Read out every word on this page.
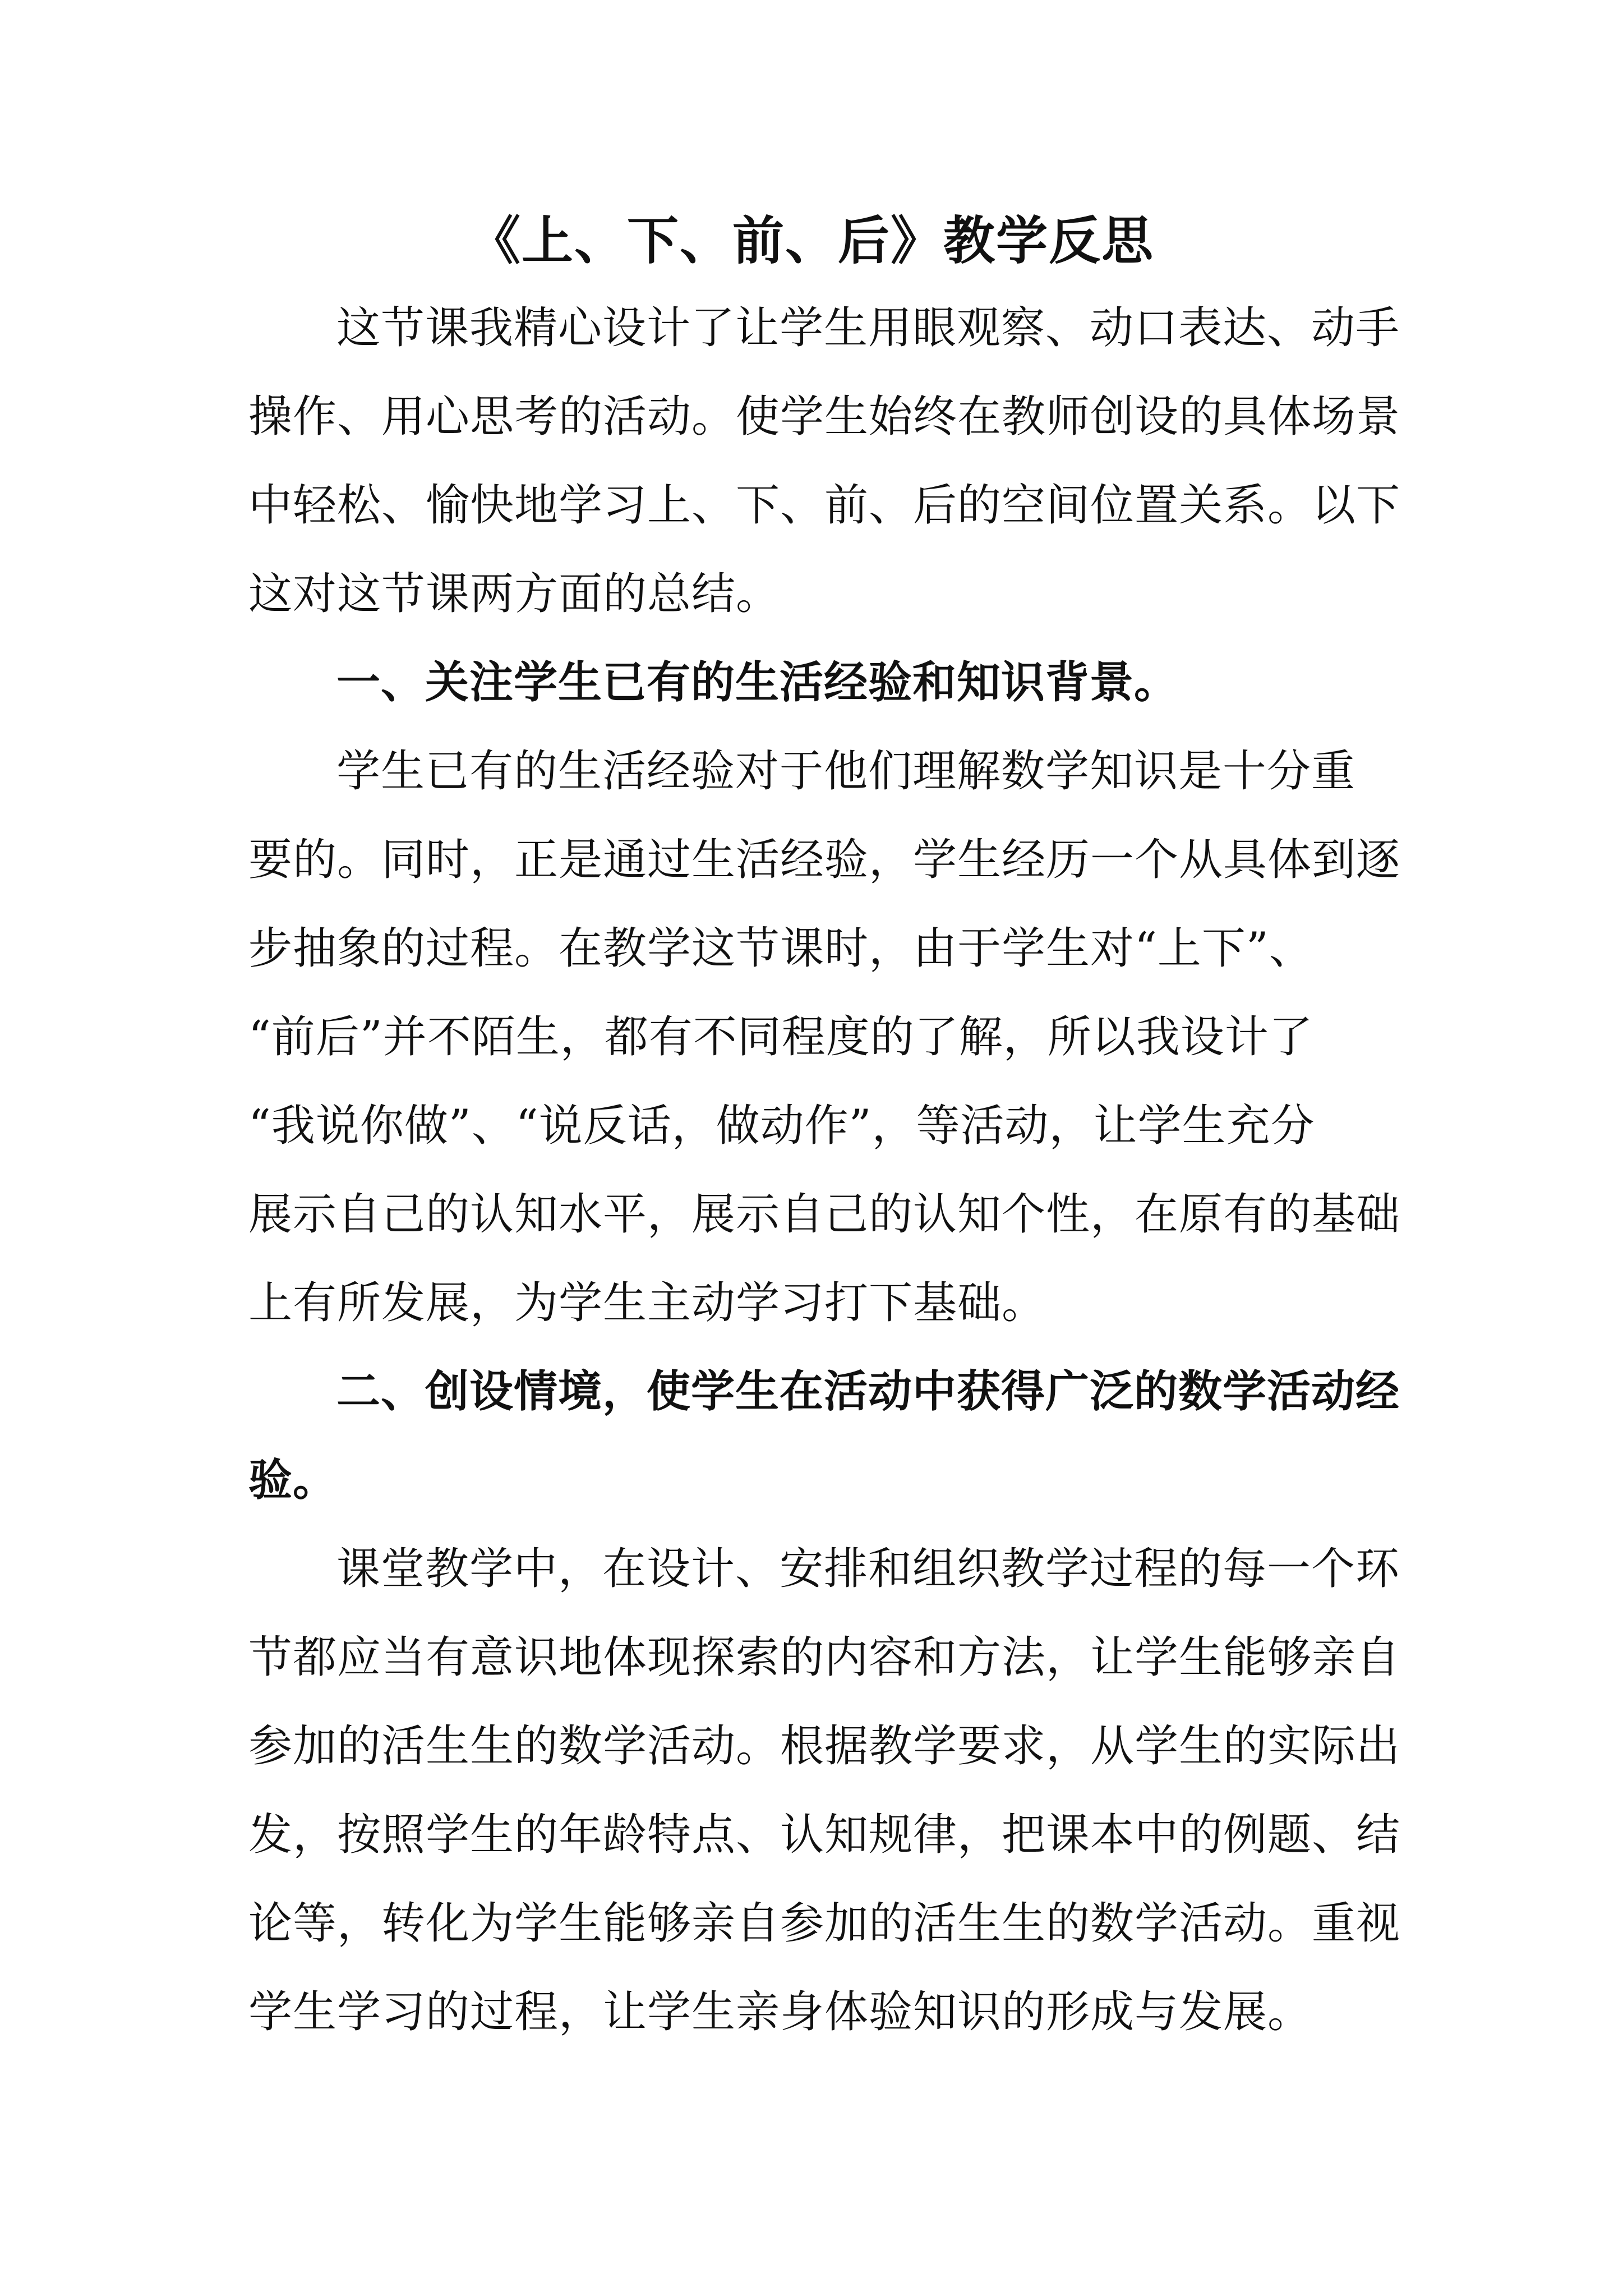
《上、下、前、后》教学反思

这节课我精心设计了让学生用眼观察、动口表达、动手

操作、用心思考的活动。使学生始终在教师创设的具体场景

中轻松、愉快地学习上、下、前、后的空间位置关系。以下

这对这节课两方面的总结。

一、关注学生已有的生活经验和知识背景。

学生已有的生活经验对于他们理解数学知识是十分重

要的。同时，正是通过生活经验，学生经历一个从具体到逐

步抽象的过程。在教学这节课时，由于学生对“上下”、

“前后”并不陌生，都有不同程度的了解，所以我设计了

“我说你做”、“说反话，做动作”，等活动，让学生充分

展示自己的认知水平，展示自己的认知个性，在原有的基础

上有所发展，为学生主动学习打下基础。

二、创设情境，使学生在活动中获得广泛的数学活动经

验。

课堂教学中，在设计、安排和组织教学过程的每一个环

节都应当有意识地体现探索的内容和方法，让学生能够亲自

参加的活生生的数学活动。根据教学要求，从学生的实际出

发，按照学生的年龄特点、认知规律，把课本中的例题、结

论等，转化为学生能够亲自参加的活生生的数学活动。重视

学生学习的过程，让学生亲身体验知识的形成与发展。
